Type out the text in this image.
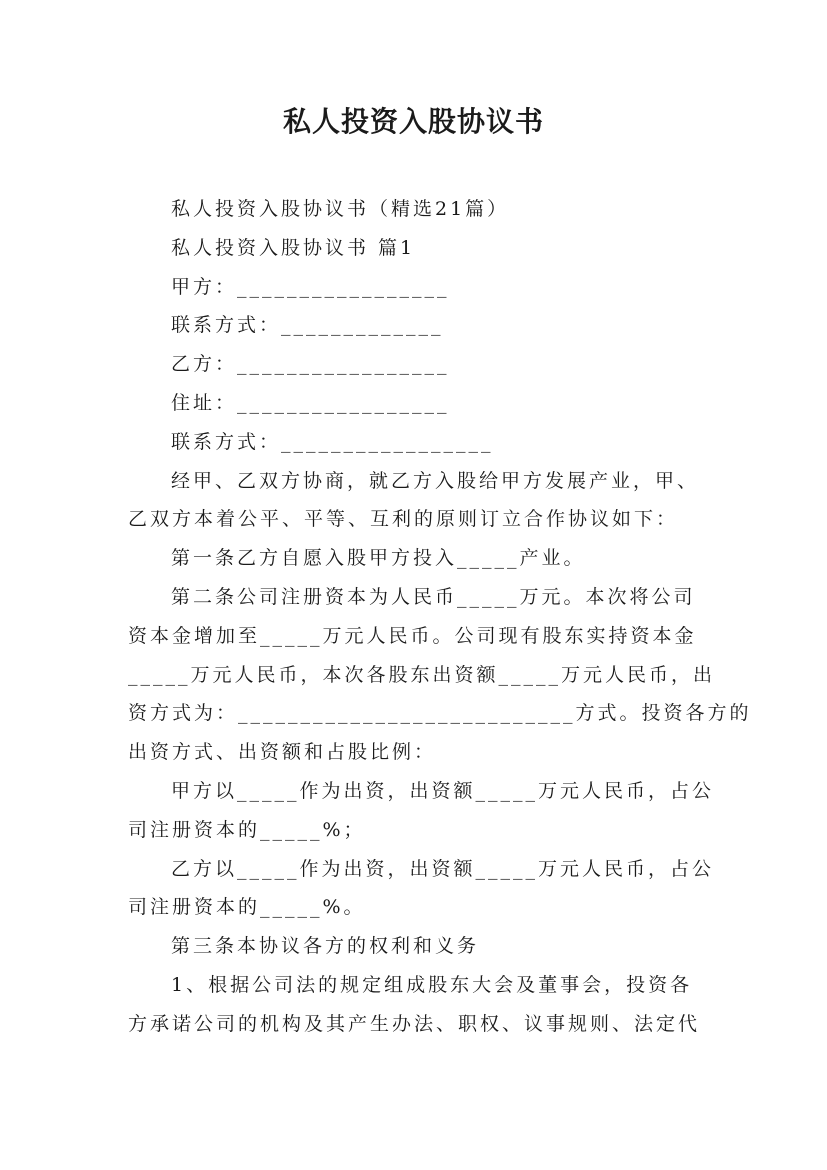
私人投资入股协议书
私人投资入股协议书（精选21篇）
私人投资入股协议书 篇1
甲方：_________________
联系方式：_____________
乙方：_________________
住址：_________________
联系方式：_________________
经甲、乙双方协商，就乙方入股给甲方发展产业，甲、
乙双方本着公平、平等、互利的原则订立合作协议如下：
第一条乙方自愿入股甲方投入_____产业。
第二条公司注册资本为人民币_____万元。本次将公司
资本金增加至_____万元人民币。公司现有股东实持资本金
_____万元人民币，本次各股东出资额_____万元人民币，出
资方式为：___________________________方式。投资各方的
出资方式、出资额和占股比例：
甲方以_____作为出资，出资额_____万元人民币，占公
司注册资本的_____%；
乙方以_____作为出资，出资额_____万元人民币，占公
司注册资本的_____%。
第三条本协议各方的权利和义务
1、根据公司法的规定组成股东大会及董事会，投资各
方承诺公司的机构及其产生办法、职权、议事规则、法定代
